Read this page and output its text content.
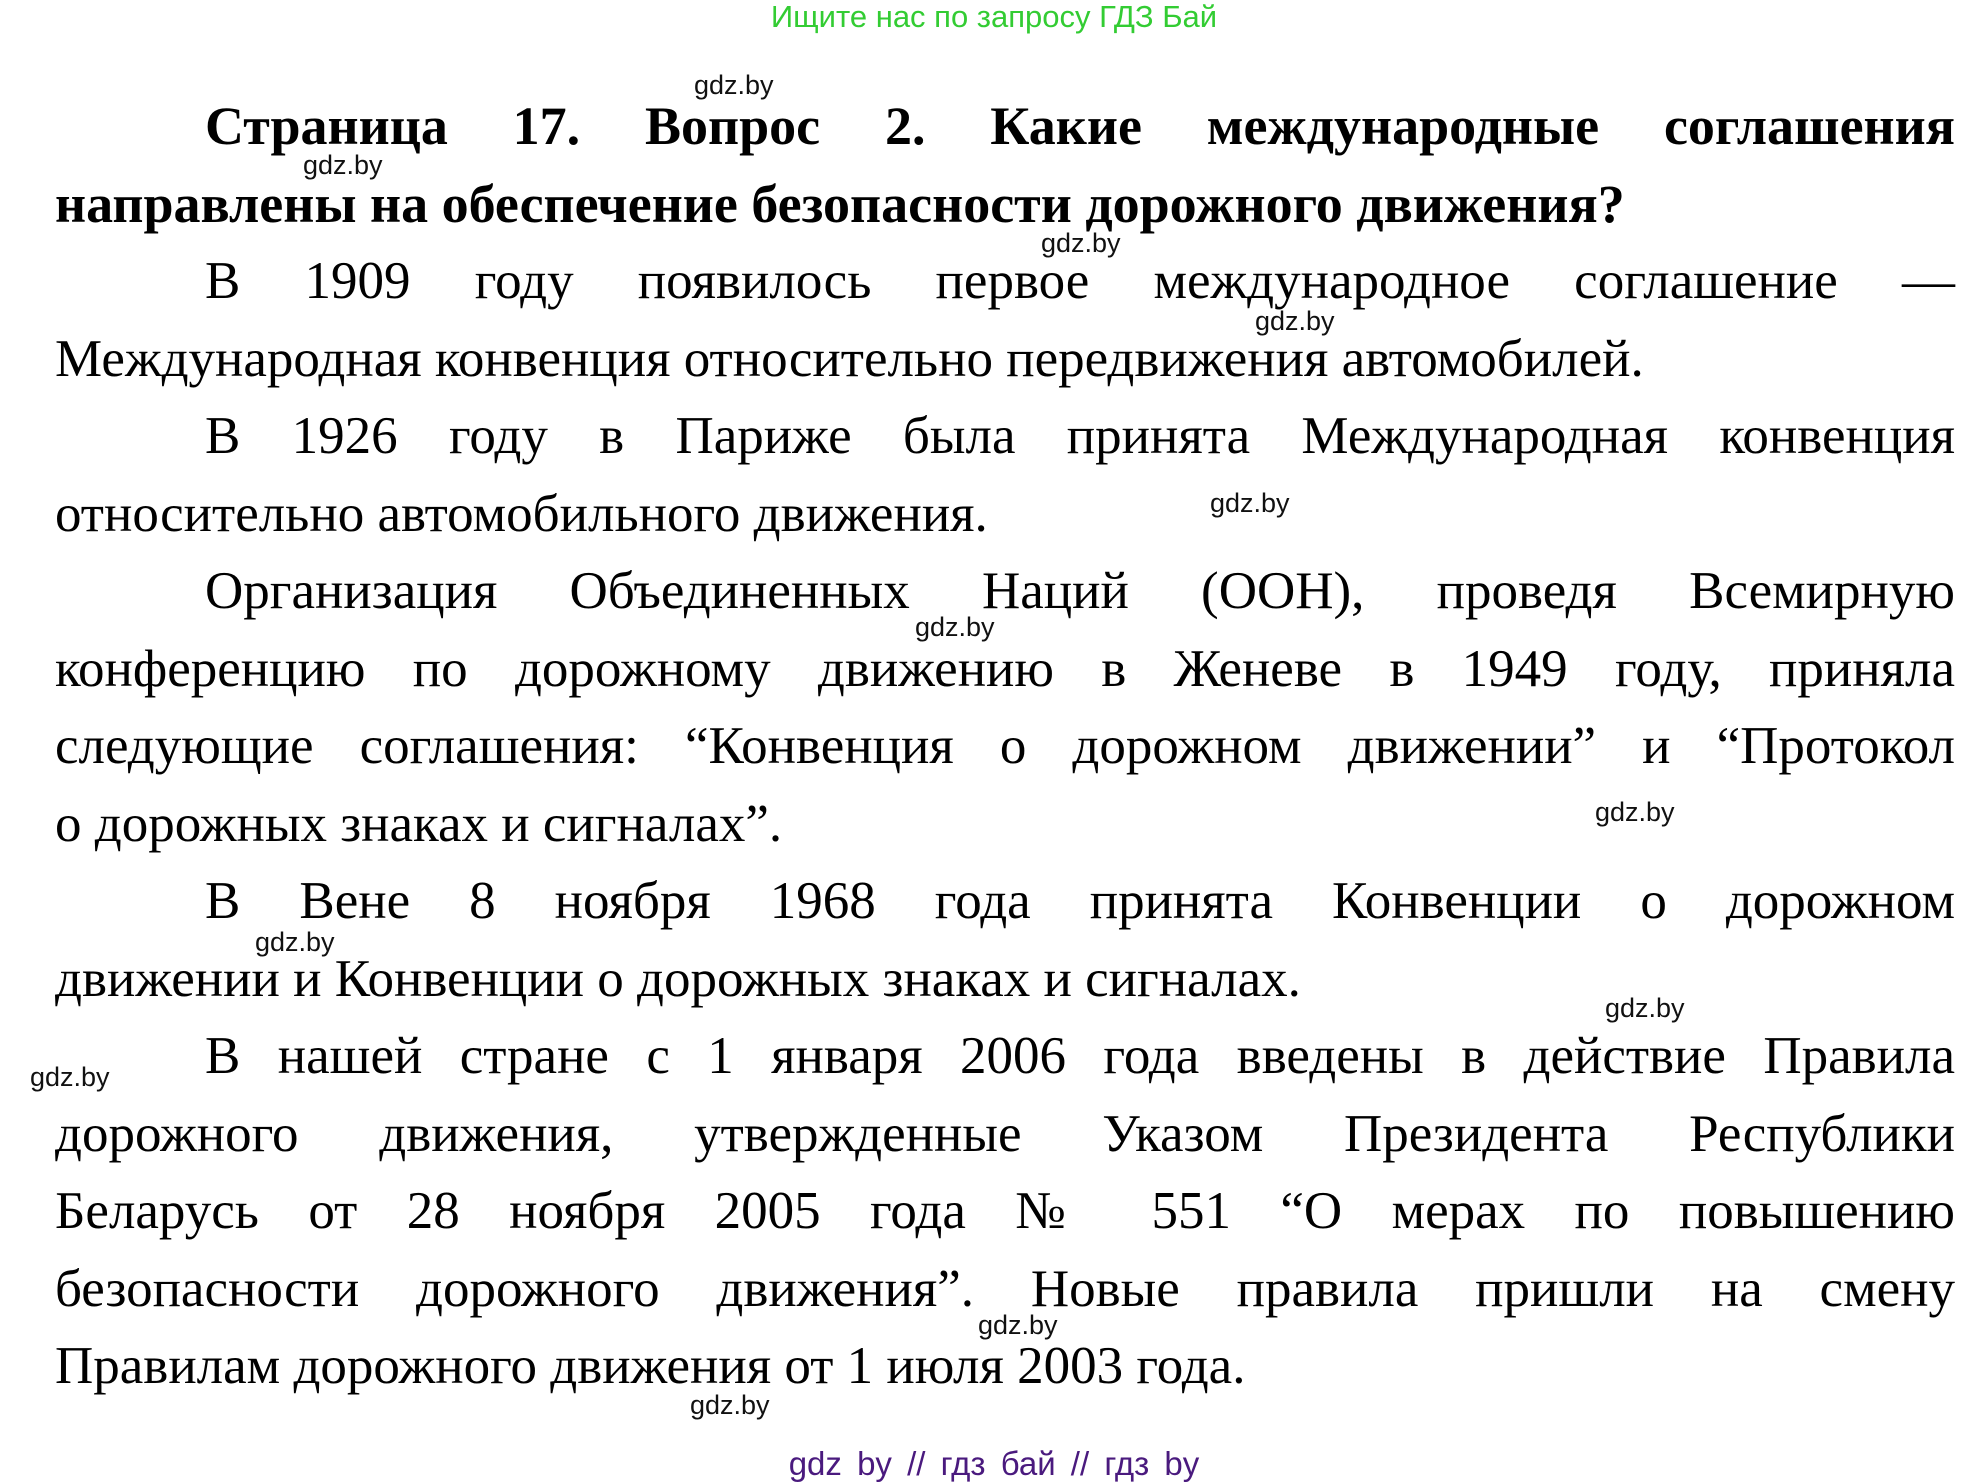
Ищите нас по запросу ГДЗ Бай
Страница 17. Вопрос 2. Какие международные соглашения
направлены на обеспечение безопасности дорожного движения?
В 1909 году появилось первое международное соглашение —
Международная конвенция относительно передвижения автомобилей.
В 1926 году в Париже была принята Международная конвенция
относительно автомобильного движения.
Организация Объединенных Наций (ООН), проведя Всемирную
конференцию по дорожному движению в Женеве в 1949 году, приняла
следующие соглашения: “Конвенция о дорожном движении” и “Протокол
о дорожных знаках и сигналах”.
В Вене 8 ноября 1968 года принята Конвенции о дорожном
движении и Конвенции о дорожных знаках и сигналах.
В нашей стране с 1 января 2006 года введены в действие Правила
дорожного движения, утвержденные Указом Президента Республики
Беларусь от 28 ноября 2005 года № 551 “О мерах по повышению
безопасности дорожного движения”. Новые правила пришли на смену
Правилам дорожного движения от 1 июля 2003 года.
gdz.by
gdz.by
gdz.by
gdz.by
gdz.by
gdz.by
gdz.by
gdz.by
gdz.by
gdz.by
gdz.by
gdz.by
gdz by // гдз бай // гдз by
